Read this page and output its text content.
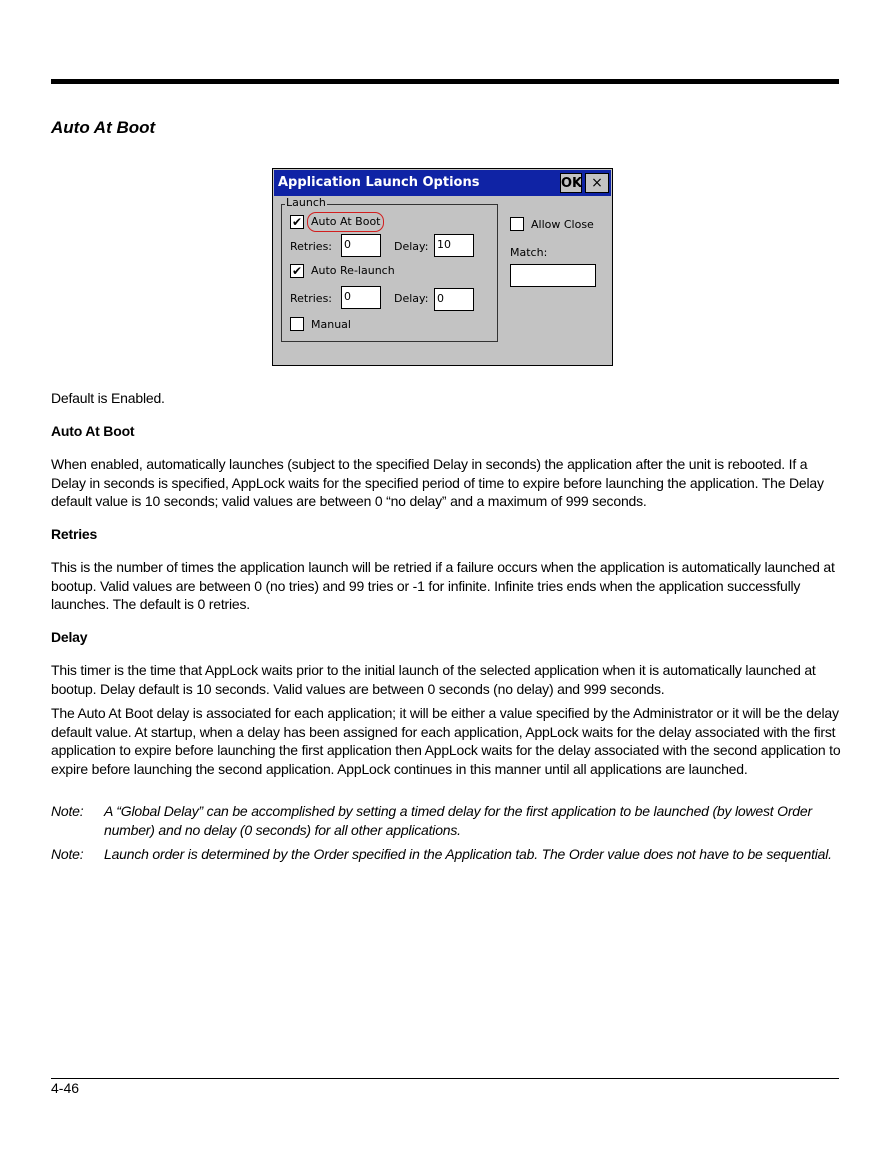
Auto At Boot
Application Launch Options	OK ×
Launch
✔ Auto At Boot
Retries: 0	Delay: 10
✔ Auto Re-launch
Retries: 0	Delay: 0
Manual
Allow Close
Match:

Default is Enabled.

Auto At Boot

When enabled, automatically launches (subject to the specified Delay in seconds) the application after the unit is rebooted. If a Delay in seconds is specified, AppLock waits for the specified period of time to expire before launching the application. The Delay default value is 10 seconds; valid values are between 0 “no delay” and a maximum of 999 seconds.

Retries

This is the number of times the application launch will be retried if a failure occurs when the application is automatically launched at bootup. Valid values are between 0 (no tries) and 99 tries or -1 for infinite. Infinite tries ends when the application successfully launches. The default is 0 retries.

Delay

This timer is the time that AppLock waits prior to the initial launch of the selected application when it is automatically launched at bootup. Delay default is 10 seconds. Valid values are between 0 seconds (no delay) and 999 seconds.

The Auto At Boot delay is associated for each application; it will be either a value specified by the Administrator or it will be the delay default value. At startup, when a delay has been assigned for each application, AppLock waits for the delay associated with the first application to expire before launching the first application then AppLock waits for the delay associated with the second application to expire before launching the second application. AppLock continues in this manner until all applications are launched.

Note: A “Global Delay” can be accomplished by setting a timed delay for the first application to be launched (by lowest Order number) and no delay (0 seconds) for all other applications.
Note: Launch order is determined by the Order specified in the Application tab. The Order value does not have to be sequential.
4-46
